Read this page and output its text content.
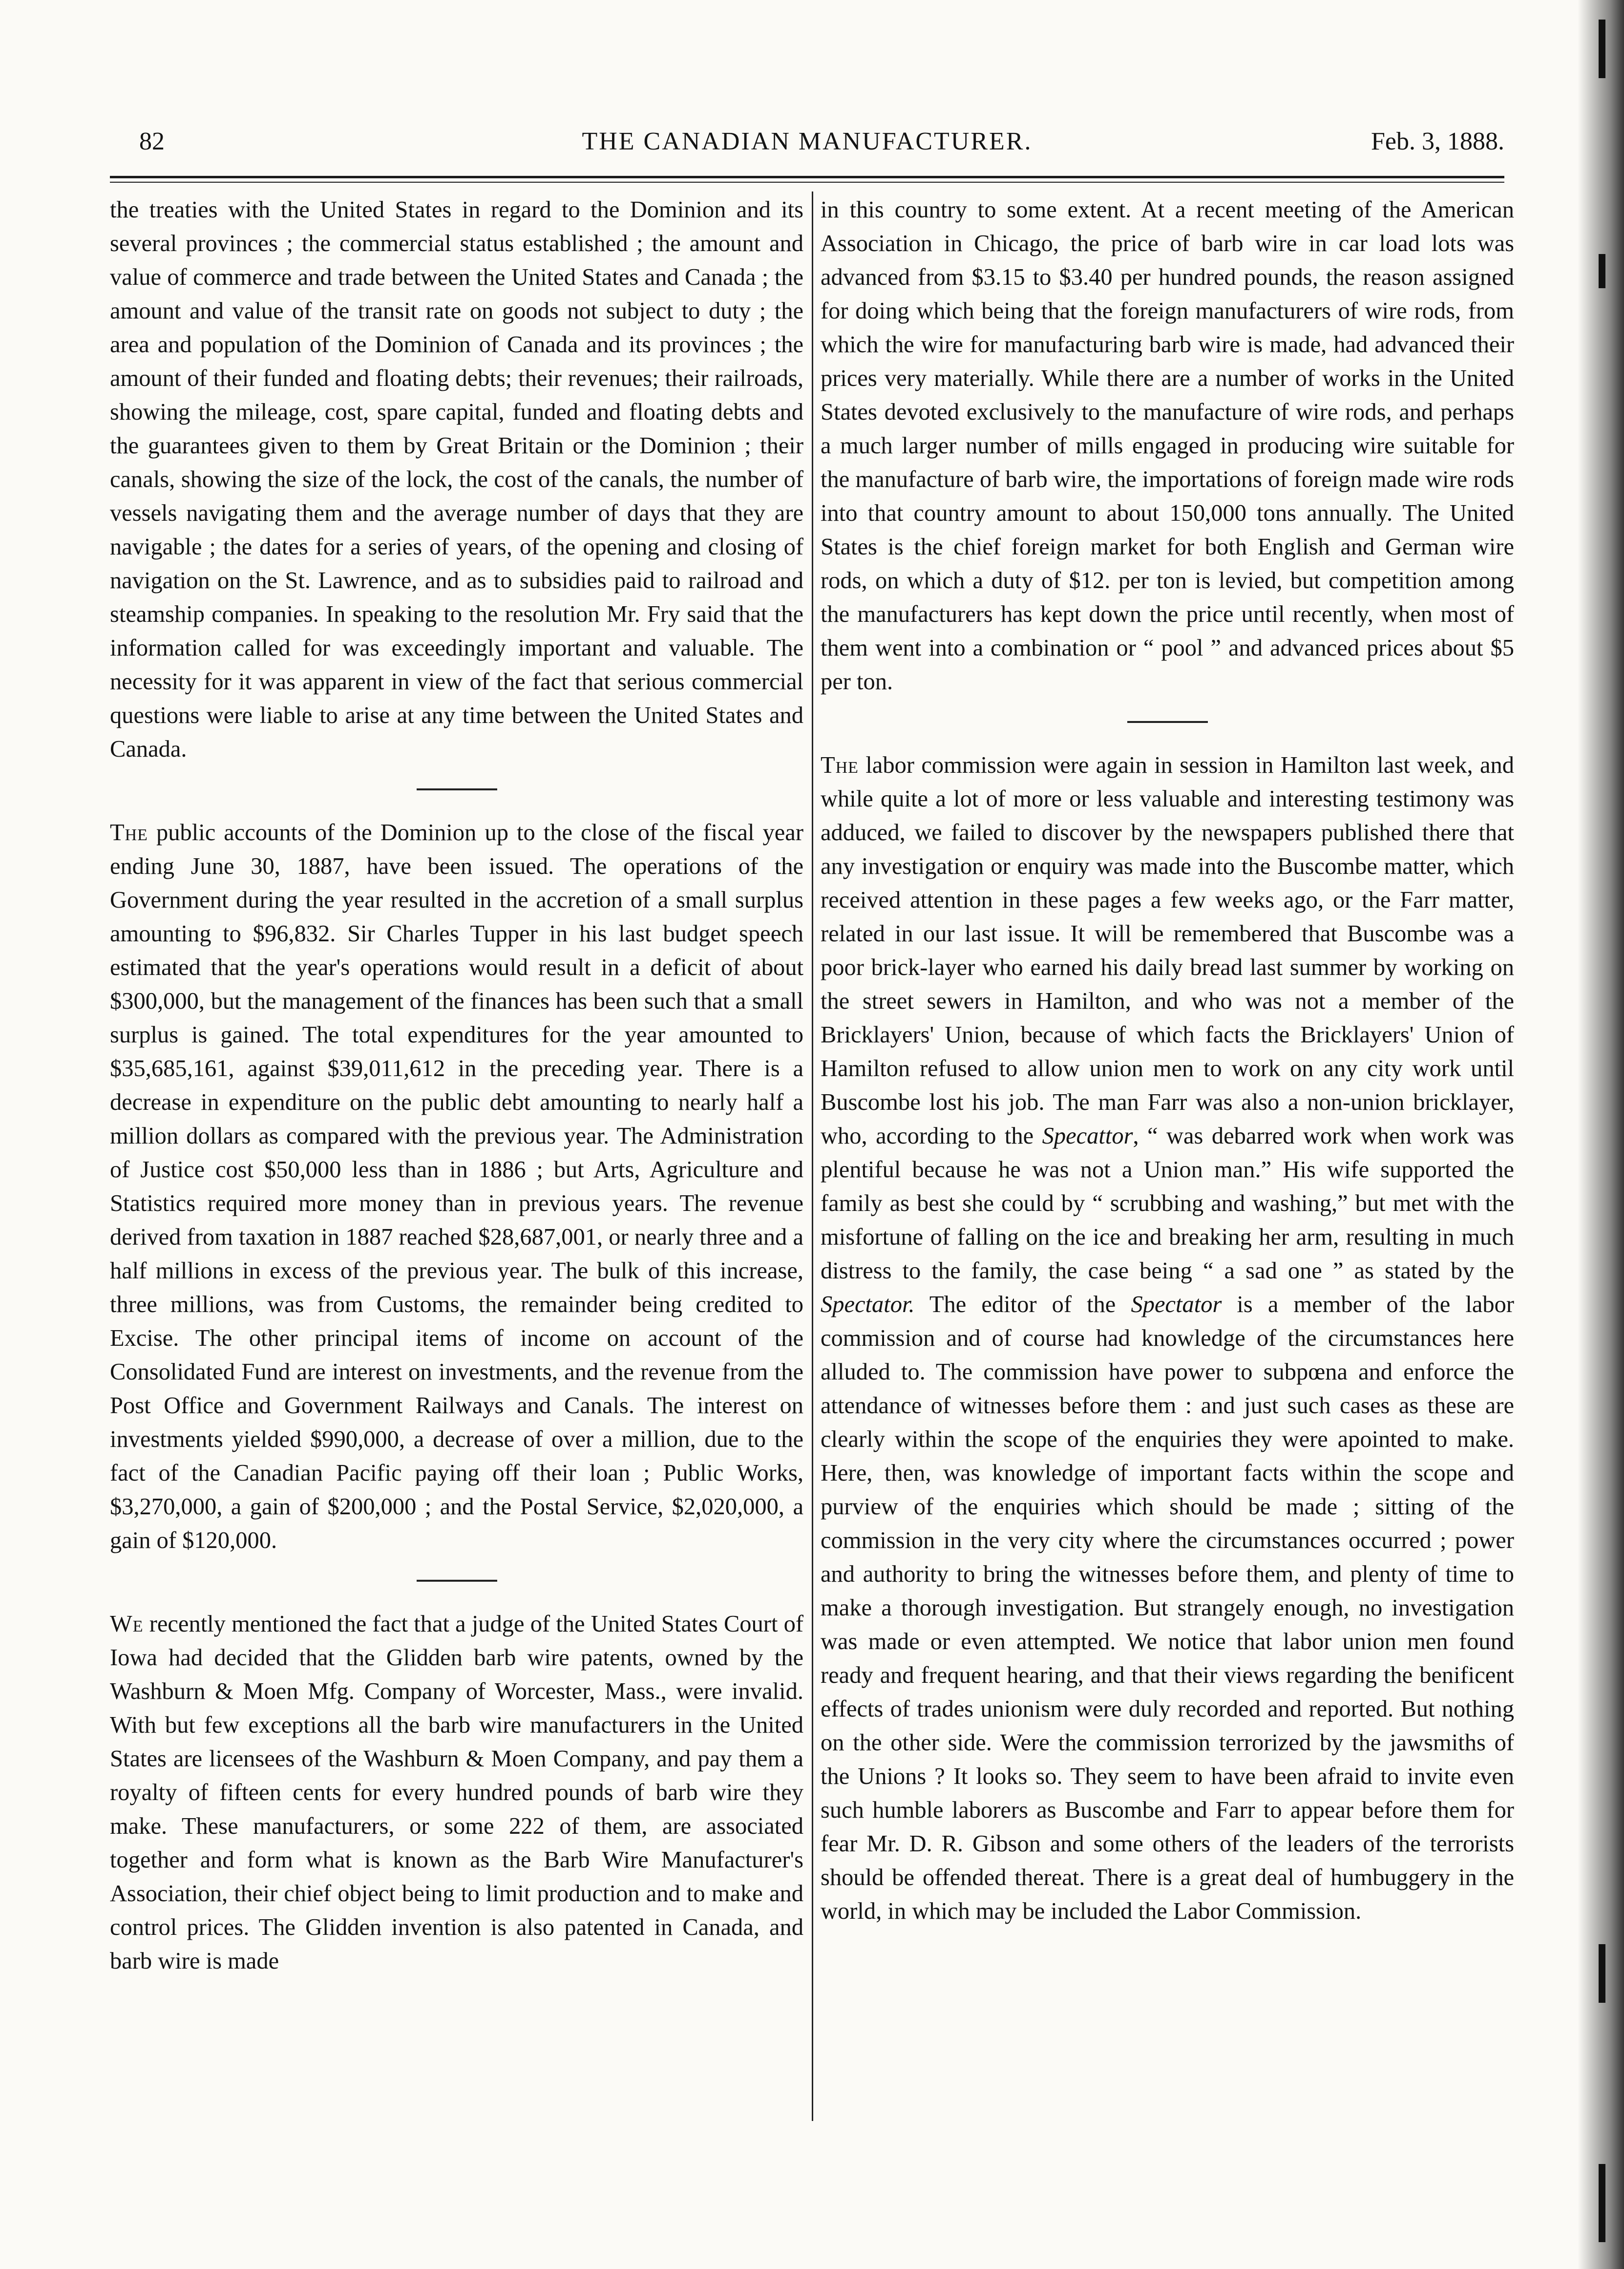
82	THE CANADIAN MANUFACTURER.	Feb. 3, 1888.

the treaties with the United States in regard to the Dominion and its several provinces ; the commercial status established ; the amount and value of commerce and trade between the United States and Canada ; the amount and value of the transit rate on goods not subject to duty ; the area and population of the Dominion of Canada and its provinces ; the amount of their funded and floating debts; their revenues; their railroads, showing the mileage, cost, spare capital, funded and floating debts and the guarantees given to them by Great Britain or the Dominion ; their canals, showing the size of the lock, the cost of the canals, the number of vessels navigating them and the average number of days that they are navigable ; the dates for a series of years, of the opening and closing of navigation on the St. Lawrence, and as to subsidies paid to railroad and steamship companies. In speaking to the resolution Mr. Fry said that the information called for was exceedingly important and valuable. The necessity for it was apparent in view of the fact that serious commercial questions were liable to arise at any time between the United States and Canada.

The public accounts of the Dominion up to the close of the fiscal year ending June 30, 1887, have been issued. The operations of the Government during the year resulted in the accretion of a small surplus amounting to $96,832. Sir Charles Tupper in his last budget speech estimated that the year's operations would result in a deficit of about $300,000, but the management of the finances has been such that a small surplus is gained. The total expenditures for the year amounted to $35,685,161, against $39,011,612 in the preceding year. There is a decrease in expenditure on the public debt amounting to nearly half a million dollars as compared with the previous year. The Administration of Justice cost $50,000 less than in 1886 ; but Arts, Agriculture and Statistics required more money than in previous years. The revenue derived from taxation in 1887 reached $28,687,001, or nearly three and a half millions in excess of the previous year. The bulk of this increase, three millions, was from Customs, the remainder being credited to Excise. The other principal items of income on account of the Consolidated Fund are interest on investments, and the revenue from the Post Office and Government Railways and Canals. The interest on investments yielded $990,000, a decrease of over a million, due to the fact of the Canadian Pacific paying off their loan ; Public Works, $3,270,000, a gain of $200,000 ; and the Postal Service, $2,020,000, a gain of $120,000.

We recently mentioned the fact that a judge of the United States Court of Iowa had decided that the Glidden barb wire patents, owned by the Washburn & Moen Mfg. Company of Worcester, Mass., were invalid. With but few exceptions all the barb wire manufacturers in the United States are licensees of the Washburn & Moen Company, and pay them a royalty of fifteen cents for every hundred pounds of barb wire they make. These manufacturers, or some 222 of them, are associated together and form what is known as the Barb Wire Manufacturer's Association, their chief object being to limit production and to make and control prices. The Glidden invention is also patented in Canada, and barb wire is made

in this country to some extent. At a recent meeting of the American Association in Chicago, the price of barb wire in car load lots was advanced from $3.15 to $3.40 per hundred pounds, the reason assigned for doing which being that the foreign manufacturers of wire rods, from which the wire for manufacturing barb wire is made, had advanced their prices very materially. While there are a number of works in the United States devoted exclusively to the manufacture of wire rods, and perhaps a much larger number of mills engaged in producing wire suitable for the manufacture of barb wire, the importations of foreign made wire rods into that country amount to about 150,000 tons annually. The United States is the chief foreign market for both English and German wire rods, on which a duty of $12. per ton is levied, but competition among the manufacturers has kept down the price until recently, when most of them went into a combination or “ pool ” and advanced prices about $5 per ton.

The labor commission were again in session in Hamilton last week, and while quite a lot of more or less valuable and interesting testimony was adduced, we failed to discover by the newspapers published there that any investigation or enquiry was made into the Buscombe matter, which received attention in these pages a few weeks ago, or the Farr matter, related in our last issue. It will be remembered that Buscombe was a poor brick-layer who earned his daily bread last summer by working on the street sewers in Hamilton, and who was not a member of the Bricklayers' Union, because of which facts the Bricklayers' Union of Hamilton refused to allow union men to work on any city work until Buscombe lost his job. The man Farr was also a non-union bricklayer, who, according to the Specattor, “ was debarred work when work was plentiful because he was not a Union man.” His wife supported the family as best she could by “ scrubbing and washing,” but met with the misfortune of falling on the ice and breaking her arm, resulting in much distress to the family, the case being “ a sad one ” as stated by the Spectator. The editor of the Spectator is a member of the labor commission and of course had knowledge of the circumstances here alluded to. The commission have power to subpœna and enforce the attendance of witnesses before them : and just such cases as these are clearly within the scope of the enquiries they were apointed to make. Here, then, was knowledge of important facts within the scope and purview of the enquiries which should be made ; sitting of the commission in the very city where the circumstances occurred ; power and authority to bring the witnesses before them, and plenty of time to make a thorough investigation. But strangely enough, no investigation was made or even attempted. We notice that labor union men found ready and frequent hearing, and that their views regarding the benificent effects of trades unionism were duly recorded and reported. But nothing on the other side. Were the commission terrorized by the jawsmiths of the Unions ? It looks so. They seem to have been afraid to invite even such humble laborers as Buscombe and Farr to appear before them for fear Mr. D. R. Gibson and some others of the leaders of the terrorists should be offended thereat. There is a great deal of humbuggery in the world, in which may be included the Labor Commission.
